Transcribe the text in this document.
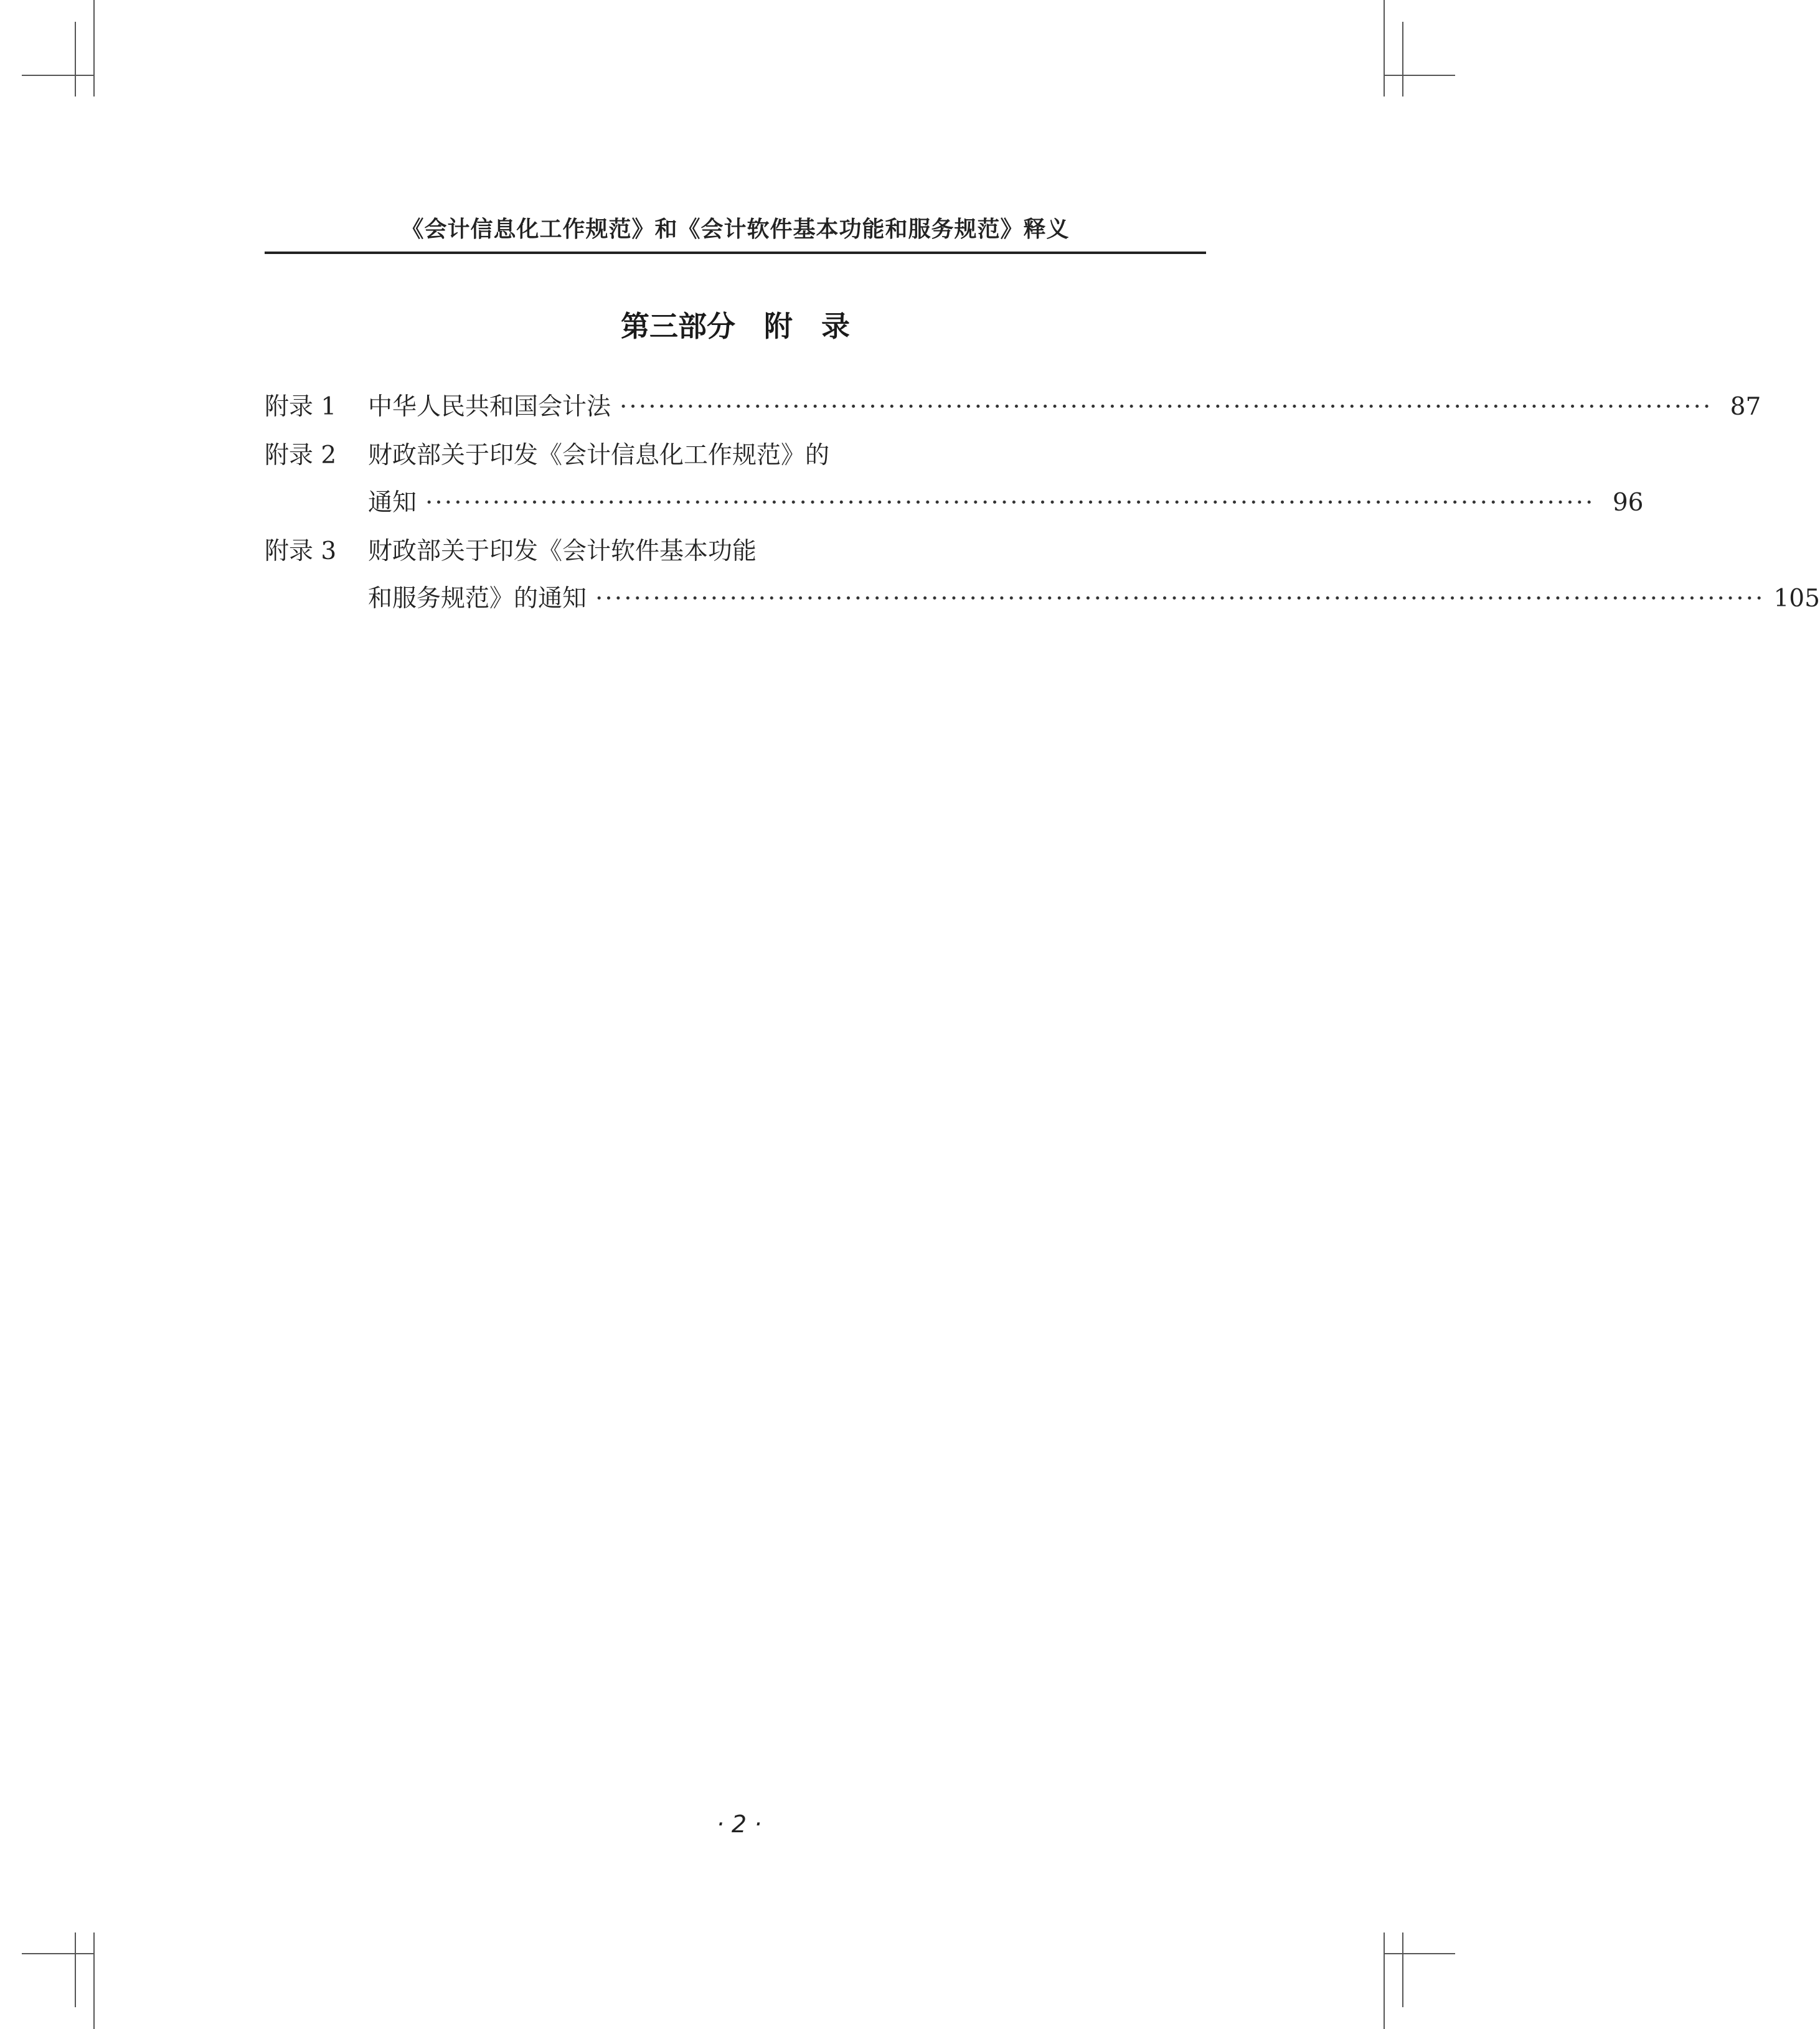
《会计信息化工作规范》和《会计软件基本功能和服务规范》释义
第三部分　附　录
附录 1 中华人民共和国会计法 ·················································································································· 87
附录 2 财政部关于印发《会计信息化工作规范》的
通知 ·························································································································· 96
附录 3 财政部关于印发《会计软件基本功能
和服务规范》的通知 ·························································································································· 105
· 2 ·
